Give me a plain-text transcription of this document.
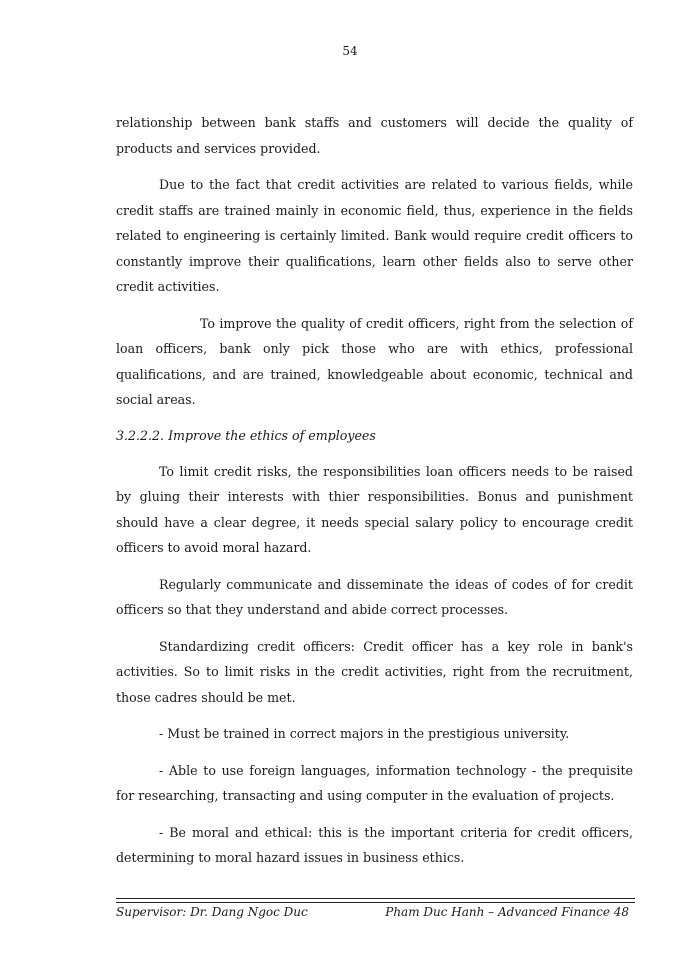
54

relationship between bank staffs and customers will decide the quality of products and services provided.

Due to the fact that credit activities are related to various fields, while credit staffs are trained mainly in economic field, thus, experience in the fields related to engineering is certainly limited. Bank would require credit officers to constantly improve their qualifications, learn other fields also to serve other credit activities.

To improve the quality of credit officers, right from the selection of loan officers, bank only pick those who are with ethics, professional qualifications, and are trained, knowledgeable about economic, technical and social areas.

3.2.2.2. Improve the ethics of employees

To limit credit risks, the responsibilities loan officers needs to be raised by gluing their interests with thier responsibilities. Bonus and punishment should have a clear degree, it needs special salary policy to encourage credit officers to avoid moral hazard.

Regularly communicate and disseminate the ideas of codes of for credit officers so that they understand and abide correct processes.

Standardizing credit officers: Credit officer has a key role in bank's activities. So to limit risks in the credit activities, right from the recruitment, those cadres should be met.

- Must be trained in correct majors in the prestigious university.

- Able to use foreign languages, information technology - the prequisite for researching, transacting and using computer in the evaluation of projects.

- Be moral and ethical: this is the important criteria for credit officers, determining to moral hazard issues in business ethics.

Supervisor: Dr. Dang Ngoc Duc	Pham Duc Hanh – Advanced Finance 48
